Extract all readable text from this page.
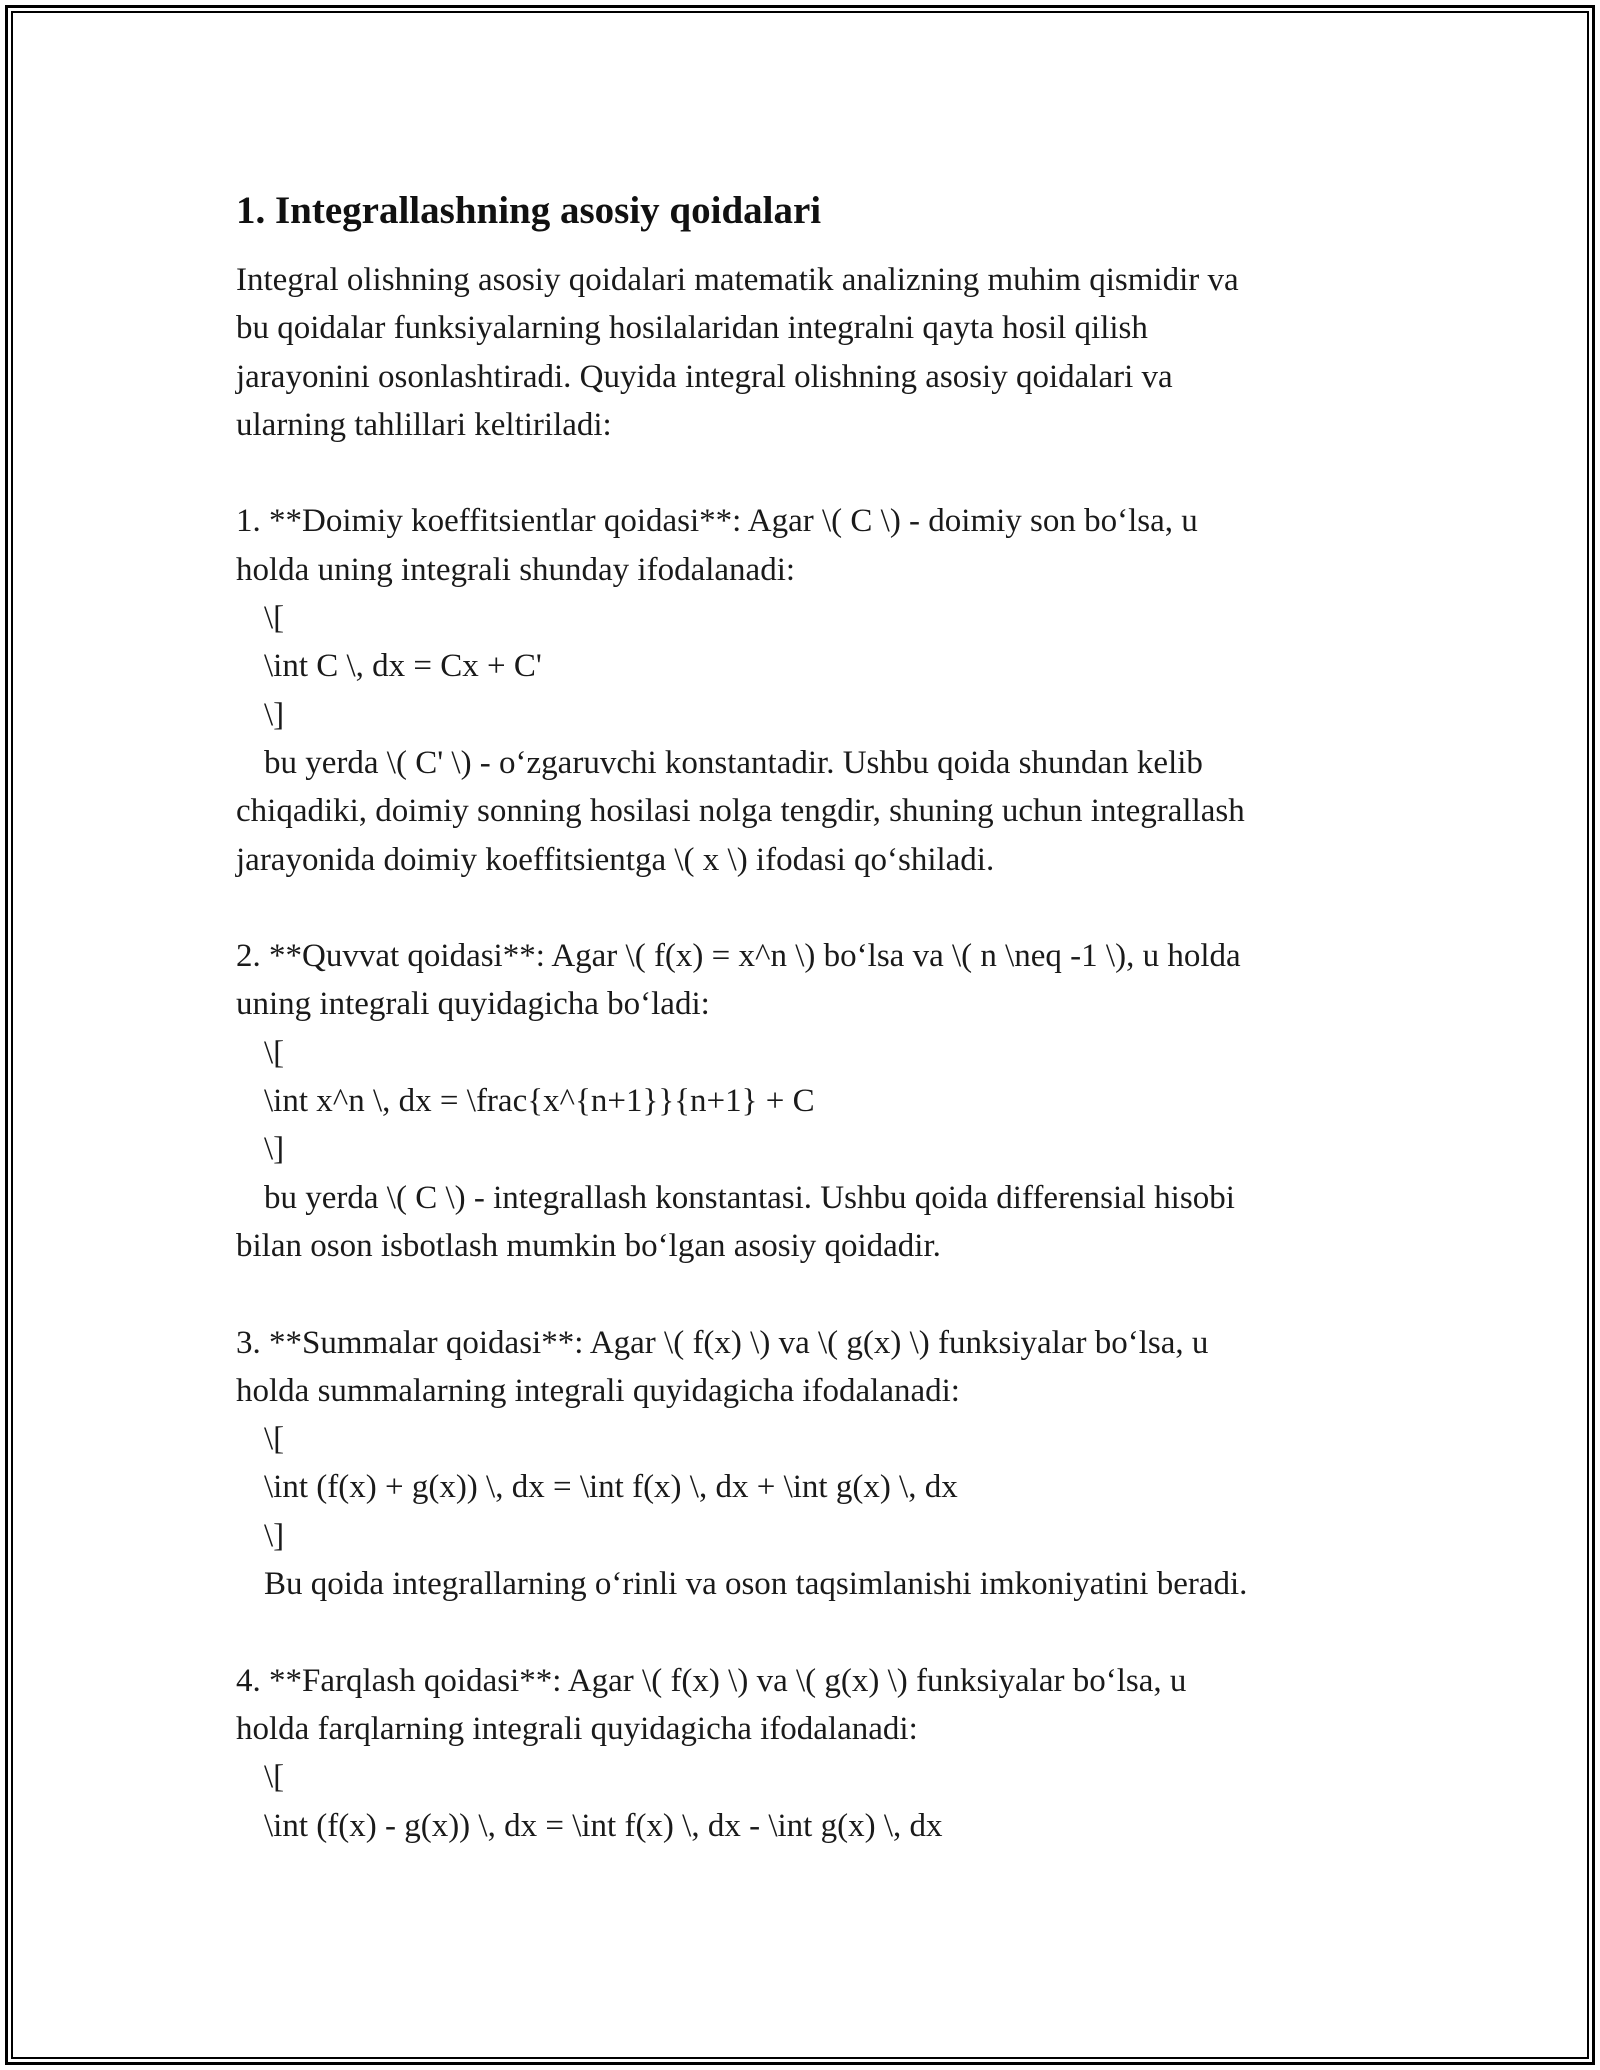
1. Integrallashning asosiy qoidalari
Integral olishning asosiy qoidalari matematik analizning muhim qismidir va
bu qoidalar funksiyalarning hosilalaridan integralni qayta hosil qilish
jarayonini osonlashtiradi. Quyida integral olishning asosiy qoidalari va
ularning tahlillari keltiriladi:
1. **Doimiy koeffitsientlar qoidasi**: Agar \( C \) - doimiy son bo‘lsa, u
holda uning integrali shunday ifodalanadi:
\[
\int C \, dx = Cx + C'
\]
bu yerda \( C' \) - o‘zgaruvchi konstantadir. Ushbu qoida shundan kelib
chiqadiki, doimiy sonning hosilasi nolga tengdir, shuning uchun integrallash
jarayonida doimiy koeffitsientga \( x \) ifodasi qo‘shiladi.
2. **Quvvat qoidasi**: Agar \( f(x) = x^n \) bo‘lsa va \( n \neq -1 \), u holda
uning integrali quyidagicha bo‘ladi:
\[
\int x^n \, dx = \frac{x^{n+1}}{n+1} + C
\]
bu yerda \( C \) - integrallash konstantasi. Ushbu qoida differensial hisobi
bilan oson isbotlash mumkin bo‘lgan asosiy qoidadir.
3. **Summalar qoidasi**: Agar \( f(x) \) va \( g(x) \) funksiyalar bo‘lsa, u
holda summalarning integrali quyidagicha ifodalanadi:
\[
\int (f(x) + g(x)) \, dx = \int f(x) \, dx + \int g(x) \, dx
\]
Bu qoida integrallarning o‘rinli va oson taqsimlanishi imkoniyatini beradi.
4. **Farqlash qoidasi**: Agar \( f(x) \) va \( g(x) \) funksiyalar bo‘lsa, u
holda farqlarning integrali quyidagicha ifodalanadi:
\[
\int (f(x) - g(x)) \, dx = \int f(x) \, dx - \int g(x) \, dx
